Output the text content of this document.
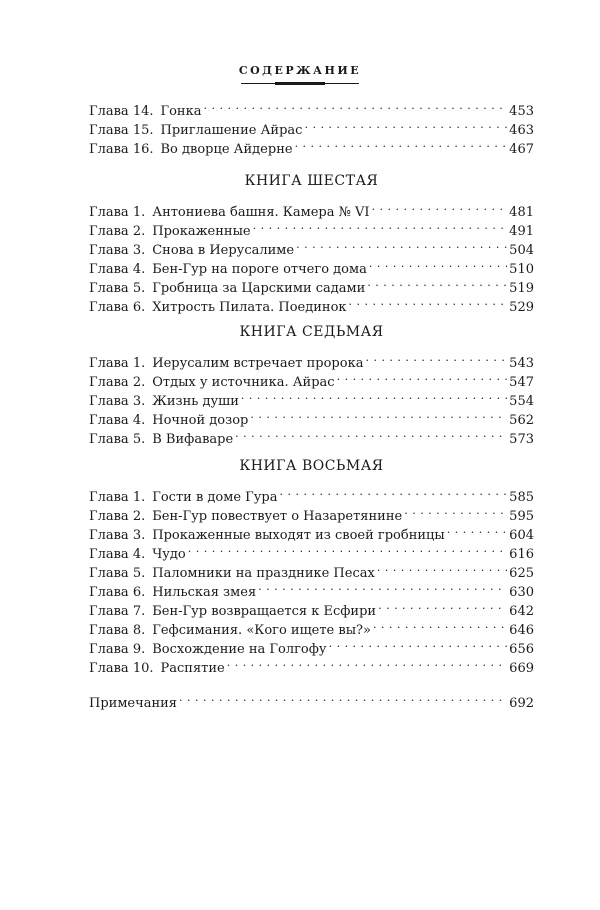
СОДЕРЖАНИЕ
Глава 14. Гонка . . .	453
Глава 15. Приглашение Айрас . . .	463
Глава 16. Во дворце Айдерне . . .	467
КНИГА ШЕСТАЯ
Глава 1. Антониева башня. Камера № VI . . .	481
Глава 2. Прокаженные . . .	491
Глава 3. Снова в Иерусалиме . . .	504
Глава 4. Бен-Гур на пороге отчего дома . . .	510
Глава 5. Гробница за Царскими садами . . .	519
Глава 6. Хитрость Пилата. Поединок . . .	529
КНИГА СЕДЬМАЯ
Глава 1. Иерусалим встречает пророка . . .	543
Глава 2. Отдых у источника. Айрас . . .	547
Глава 3. Жизнь души . . .	554
Глава 4. Ночной дозор . . .	562
Глава 5. В Вифаваре . . .	573
КНИГА ВОСЬМАЯ
Глава 1. Гости в доме Гура . . .	585
Глава 2. Бен-Гур повествует о Назаретянине . . .	595
Глава 3. Прокаженные выходят из своей гробницы . . .	604
Глава 4. Чудо . . .	616
Глава 5. Паломники на празднике Песах . . .	625
Глава 6. Нильская змея . . .	630
Глава 7. Бен-Гур возвращается к Есфири . . .	642
Глава 8. Гефсимания. «Кого ищете вы?» . . .	646
Глава 9. Восхождение на Голгофу . . .	656
Глава 10. Распятие . . .	669
Примечания . . .	692
